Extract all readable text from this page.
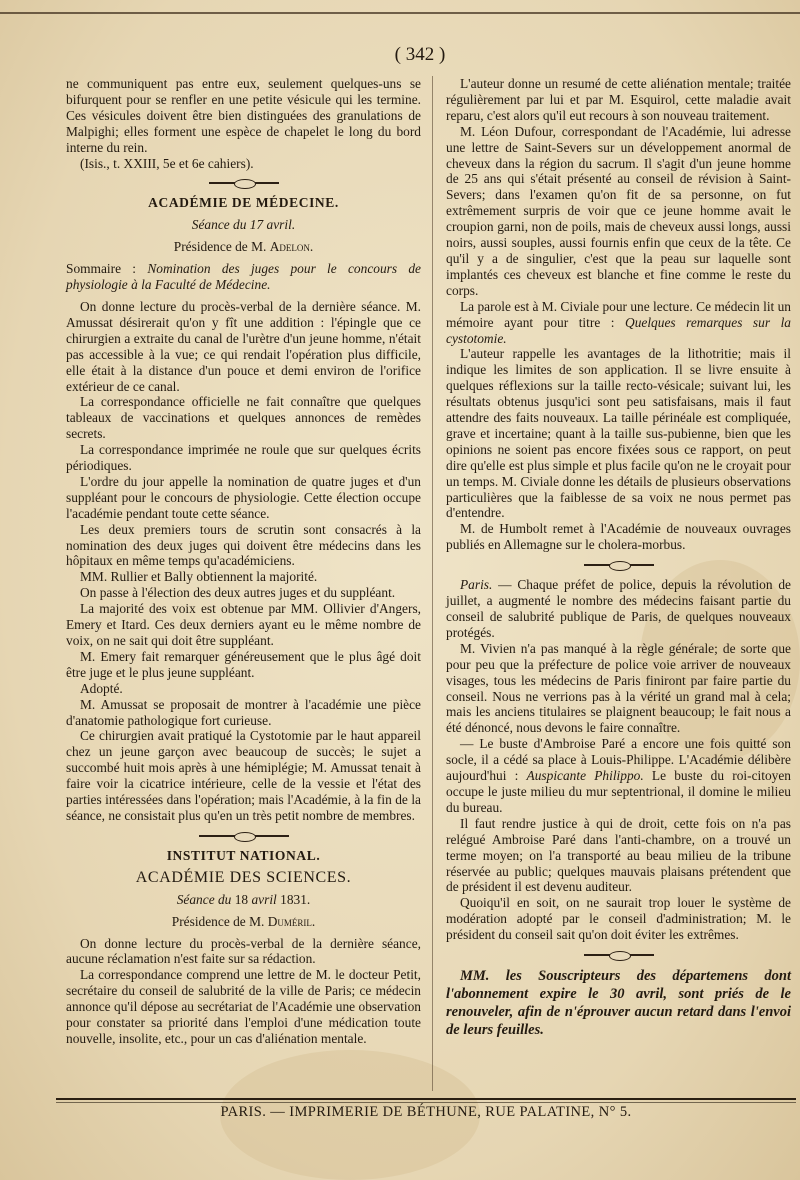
( 342 )

ne communiquent pas entre eux, seulement quelques-uns se bifurquent pour se renfler en une petite vésicule qui les termine. Ces vésicules doivent être bien distinguées des granulations de Malpighi; elles forment une espèce de chapelet le long du bord interne du rein.

(Isis., t. XXIII, 5e et 6e cahiers).

ACADÉMIE DE MÉDECINE.
Séance du 17 avril.
Présidence de M. Adelon.

Sommaire : Nomination des juges pour le concours de physiologie à la Faculté de Médecine.

On donne lecture du procès-verbal de la dernière séance. M. Amussat désirerait qu'on y fît une addition : l'épingle que ce chirurgien a extraite du canal de l'urètre d'un jeune homme, n'était pas accessible à la vue; ce qui rendait l'opération plus difficile, elle était à la distance d'un pouce et demi environ de l'orifice extérieur de ce canal.

La correspondance officielle ne fait connaître que quelques tableaux de vaccinations et quelques annonces de remèdes secrets.

La correspondance imprimée ne roule que sur quelques écrits périodiques.

L'ordre du jour appelle la nomination de quatre juges et d'un suppléant pour le concours de physiologie. Cette élection occupe l'académie pendant toute cette séance.

Les deux premiers tours de scrutin sont consacrés à la nomination des deux juges qui doivent être médecins dans les hôpitaux en même temps qu'académiciens.

MM. Rullier et Bally obtiennent la majorité.

On passe à l'élection des deux autres juges et du suppléant.

La majorité des voix est obtenue par MM. Ollivier d'Angers, Emery et Itard. Ces deux derniers ayant eu le même nombre de voix, on ne sait qui doit être suppléant.

M. Emery fait remarquer généreusement que le plus âgé doit être juge et le plus jeune suppléant.

Adopté.

M. Amussat se proposait de montrer à l'académie une pièce d'anatomie pathologique fort curieuse.

Ce chirurgien avait pratiqué la Cystotomie par le haut appareil chez un jeune garçon avec beaucoup de succès; le sujet a succombé huit mois après à une hémiplégie; M. Amussat tenait à faire voir la cicatrice intérieure, celle de la vessie et l'état des parties intéressées dans l'opération; mais l'Académie, à la fin de la séance, ne consistait plus qu'en un très petit nombre de membres.

INSTITUT NATIONAL.
ACADÉMIE DES SCIENCES.
Séance du 18 avril 1831.
Présidence de M. Duméril.

On donne lecture du procès-verbal de la dernière séance, aucune réclamation n'est faite sur sa rédaction.

La correspondance comprend une lettre de M. le docteur Petit, secrétaire du conseil de salubrité de la ville de Paris; ce médecin annonce qu'il dépose au secrétariat de l'Académie une observation pour constater sa priorité dans l'emploi d'une médication toute nouvelle, insolite, etc., pour un cas d'aliénation mentale.

L'auteur donne un resumé de cette aliénation mentale; traitée régulièrement par lui et par M. Esquirol, cette maladie avait reparu, c'est alors qu'il eut recours à son nouveau traitement.

M. Léon Dufour, correspondant de l'Académie, lui adresse une lettre de Saint-Severs sur un développement anormal de cheveux dans la région du sacrum. Il s'agit d'un jeune homme de 25 ans qui s'était présenté au conseil de révision à Saint-Severs; dans l'examen qu'on fit de sa personne, on fut extrêmement surpris de voir que ce jeune homme avait le croupion garni, non de poils, mais de cheveux aussi longs, aussi noirs, aussi souples, aussi fournis enfin que ceux de la tête. Ce qu'il y a de singulier, c'est que la peau sur laquelle sont implantés ces cheveux est blanche et fine comme le reste du corps.

La parole est à M. Civiale pour une lecture. Ce médecin lit un mémoire ayant pour titre : Quelques remarques sur la cystotomie.

L'auteur rappelle les avantages de la lithotritie; mais il indique les limites de son application. Il se livre ensuite à quelques réflexions sur la taille recto-vésicale; suivant lui, les résultats obtenus jusqu'ici sont peu satisfaisans, mais il faut attendre des faits nouveaux. La taille périnéale est compliquée, grave et incertaine; quant à la taille sus-pubienne, bien que les opinions ne soient pas encore fixées sous ce rapport, on peut dire qu'elle est plus simple et plus facile qu'on ne le croyait pour un temps. M. Civiale donne les détails de plusieurs observations particulières que la faiblesse de sa voix ne nous permet pas d'entendre.

M. de Humbolt remet à l'Académie de nouveaux ouvrages publiés en Allemagne sur le cholera-morbus.

Paris. — Chaque préfet de police, depuis la révolution de juillet, a augmenté le nombre des médecins faisant partie du conseil de salubrité publique de Paris, de quelques nouveaux protégés.

M. Vivien n'a pas manqué à la règle générale; de sorte que pour peu que la préfecture de police voie arriver de nouveaux visages, tous les médecins de Paris finiront par faire partie du conseil. Nous ne verrions pas à la vérité un grand mal à cela; mais les anciens titulaires se plaignent beaucoup; le fait nous a été dénoncé, nous devons le faire connaître.

— Le buste d'Ambroise Paré a encore une fois quitté son socle, il a cédé sa place à Louis-Philippe. L'Académie délibère aujourd'hui : Auspicante Philippo. Le buste du roi-citoyen occupe le juste milieu du mur septentrional, il domine le milieu du bureau.

Il faut rendre justice à qui de droit, cette fois on n'a pas relégué Ambroise Paré dans l'anti-chambre, on a trouvé un terme moyen; on l'a transporté au beau milieu de la tribune réservée au public; quelques mauvais plaisans prétendent que de président il est devenu auditeur.

Quoiqu'il en soit, on ne saurait trop louer le système de modération adopté par le conseil d'administration; M. le président du conseil sait qu'on doit éviter les extrêmes.

MM. les Souscripteurs des départemens dont l'abonnement expire le 30 avril, sont priés de le renouveler, afin de n'éprouver aucun retard dans l'envoi de leurs feuilles.

PARIS. — IMPRIMERIE DE BÉTHUNE, RUE PALATINE, N° 5.
